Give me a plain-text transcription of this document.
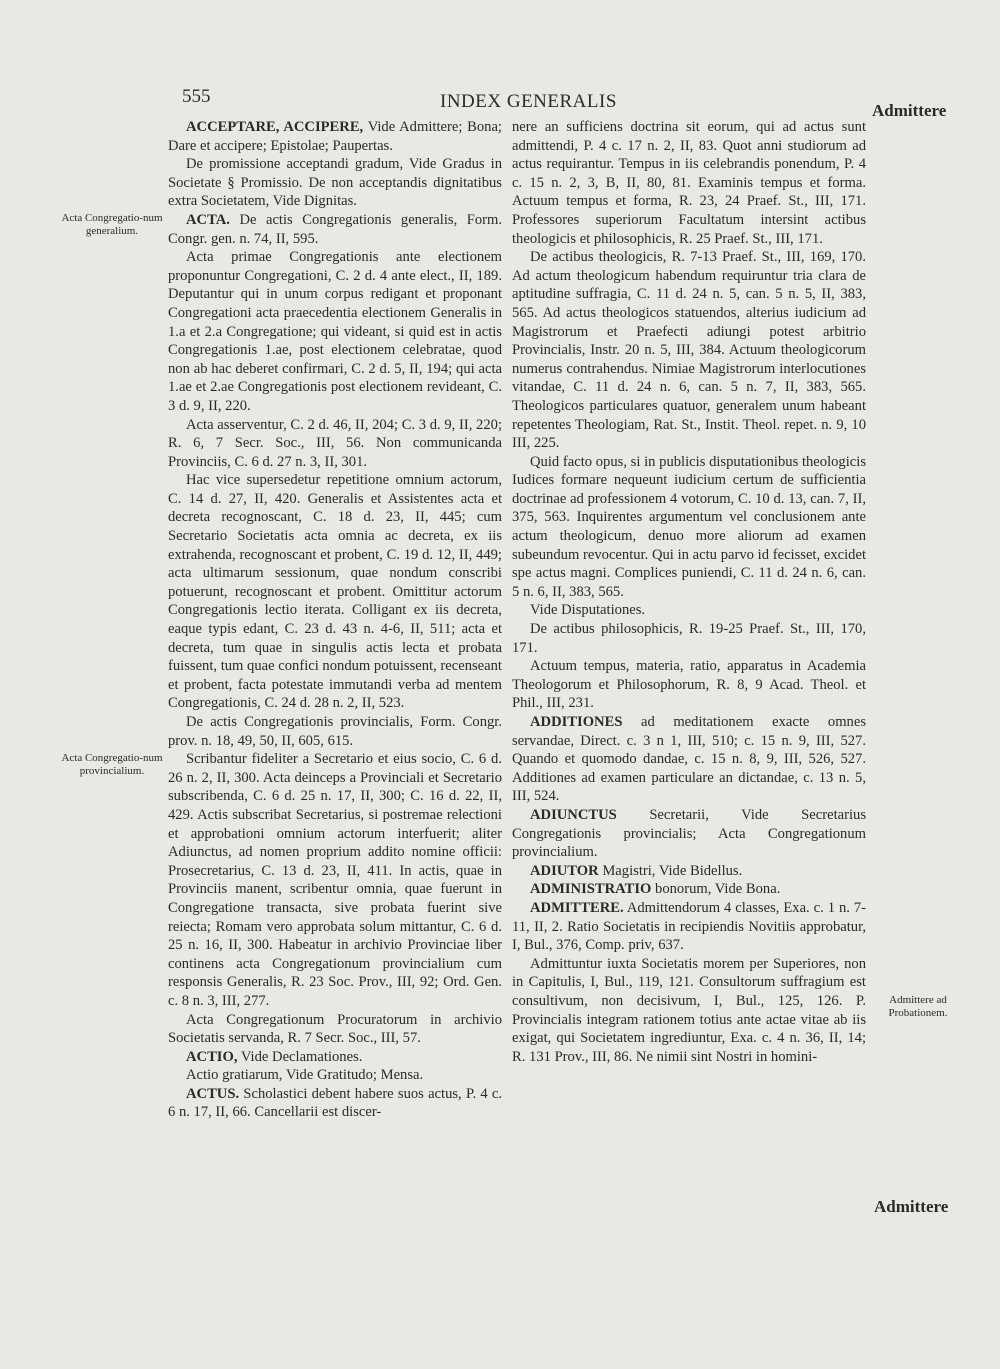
555	INDEX GENERALIS	Admittere
Acta Congregatio-num generalium.
Acta Congregatio-num provincialium.
Admittere ad Probationem.

ACCEPTARE, ACCIPERE, Vide Admittere; Bona; Dare et accipere; Epistolae; Paupertas.

De promissione acceptandi gradum, Vide Gradus in Societate § Promissio. De non acceptandis dignitatibus extra Societatem, Vide Dignitas.

ACTA. De actis Congregationis generalis, Form. Congr. gen. n. 74, II, 595.

Acta primae Congregationis ante electionem proponuntur Congregationi, C. 2 d. 4 ante elect., II, 189. Deputantur qui in unum corpus redigant et proponant Congregationi acta praecedentia electionem Generalis in 1.a et 2.a Congregatione; qui videant, si quid est in actis Congregationis 1.ae, post electionem celebratae, quod non ab hac deberet confirmari, C. 2 d. 5, II, 194; qui acta 1.ae et 2.ae Congregationis post electionem revideant, C. 3 d. 9, II, 220.

Acta asserventur, C. 2 d. 46, II, 204; C. 3 d. 9, II, 220; R. 6, 7 Secr. Soc., III, 56. Non communicanda Provinciis, C. 6 d. 27 n. 3, II, 301.

Hac vice supersedetur repetitione omnium actorum, C. 14 d. 27, II, 420. Generalis et Assistentes acta et decreta recognoscant, C. 18 d. 23, II, 445; cum Secretario Societatis acta omnia ac decreta, ex iis extrahenda, recognoscant et probent, C. 19 d. 12, II, 449; acta ultimarum sessionum, quae nondum conscribi potuerunt, recognoscant et probent. Omittitur actorum Congregationis lectio iterata. Colligant ex iis decreta, eaque typis edant, C. 23 d. 43 n. 4-6, II, 511; acta et decreta, tum quae in singulis actis lecta et probata fuissent, tum quae confici nondum potuissent, recenseant et probent, facta potestate immutandi verba ad mentem Congregationis, C. 24 d. 28 n. 2, II, 523.

De actis Congregationis provincialis, Form. Congr. prov. n. 18, 49, 50, II, 605, 615.

Scribantur fideliter a Secretario et eius socio, C. 6 d. 26 n. 2, II, 300. Acta deinceps a Provinciali et Secretario subscribenda, C. 6 d. 25 n. 17, II, 300; C. 16 d. 22, II, 429. Actis subscribat Secretarius, si postremae relectioni et approbationi omnium actorum interfuerit; aliter Adiunctus, ad nomen proprium addito nomine officii: Prosecretarius, C. 13 d. 23, II, 411. In actis, quae in Provinciis manent, scribentur omnia, quae fuerunt in Congregatione transacta, sive probata fuerint sive reiecta; Romam vero approbata solum mittantur, C. 6 d. 25 n. 16, II, 300. Habeatur in archivio Provinciae liber continens acta Congregationum provincialium cum responsis Generalis, R. 23 Soc. Prov., III, 92; Ord. Gen. c. 8 n. 3, III, 277.

Acta Congregationum Procuratorum in archivio Societatis servanda, R. 7 Secr. Soc., III, 57.

ACTIO, Vide Declamationes.

Actio gratiarum, Vide Gratitudo; Mensa.

ACTUS. Scholastici debent habere suos actus, P. 4 c. 6 n. 17, II, 66. Cancellarii est discer-

nere an sufficiens doctrina sit eorum, qui ad actus sunt admittendi, P. 4 c. 17 n. 2, II, 83. Quot anni studiorum ad actus requirantur. Tempus in iis celebrandis ponendum, P. 4 c. 15 n. 2, 3, B, II, 80, 81. Examinis tempus et forma. Actuum tempus et forma, R. 23, 24 Praef. St., III, 171. Professores superiorum Facultatum intersint actibus theologicis et philosophicis, R. 25 Praef. St., III, 171.

De actibus theologicis, R. 7-13 Praef. St., III, 169, 170. Ad actum theologicum habendum requiruntur tria clara de aptitudine suffragia, C. 11 d. 24 n. 5, can. 5 n. 5, II, 383, 565. Ad actus theologicos statuendos, alterius iudicium ad Magistrorum et Praefecti adiungi potest arbitrio Provincialis, Instr. 20 n. 5, III, 384. Actuum theologicorum numerus contrahendus. Nimiae Magistrorum interlocutiones vitandae, C. 11 d. 24 n. 6, can. 5 n. 7, II, 383, 565. Theologicos particulares quatuor, generalem unum habeant repetentes Theologiam, Rat. St., Instit. Theol. repet. n. 9, 10 III, 225.

Quid facto opus, si in publicis disputationibus theologicis Iudices formare nequeunt iudicium certum de sufficientia doctrinae ad professionem 4 votorum, C. 10 d. 13, can. 7, II, 375, 563. Inquirentes argumentum vel conclusionem ante actum theologicum, denuo more aliorum ad examen subeundum revocentur. Qui in actu parvo id fecisset, excidet spe actus magni. Complices puniendi, C. 11 d. 24 n. 6, can. 5 n. 6, II, 383, 565.

Vide Disputationes.

De actibus philosophicis, R. 19-25 Praef. St., III, 170, 171.

Actuum tempus, materia, ratio, apparatus in Academia Theologorum et Philosophorum, R. 8, 9 Acad. Theol. et Phil., III, 231.

ADDITIONES ad meditationem exacte omnes servandae, Direct. c. 3 n 1, III, 510; c. 15 n. 9, III, 527. Quando et quomodo dandae, c. 15 n. 8, 9, III, 526, 527. Additiones ad examen particulare an dictandae, c. 13 n. 5, III, 524.

ADIUNCTUS Secretarii, Vide Secretarius Congregationis provincialis; Acta Congregationum provincialium.

ADIUTOR Magistri, Vide Bidellus.

ADMINISTRATIO bonorum, Vide Bona.

ADMITTERE. Admittendorum 4 classes, Exa. c. 1 n. 7-11, II, 2. Ratio Societatis in recipiendis Novitiis approbatur, I, Bul., 376, Comp. priv, 637.

Admittuntur iuxta Societatis morem per Superiores, non in Capitulis, I, Bul., 119, 121. Consultorum suffragium est consultivum, non decisivum, I, Bul., 125, 126. P. Provincialis integram rationem totius ante actae vitae ab iis exigat, qui Societatem ingrediuntur, Exa. c. 4 n. 36, II, 14; R. 131 Prov., III, 86. Ne nimii sint Nostri in homini-

Admittere
